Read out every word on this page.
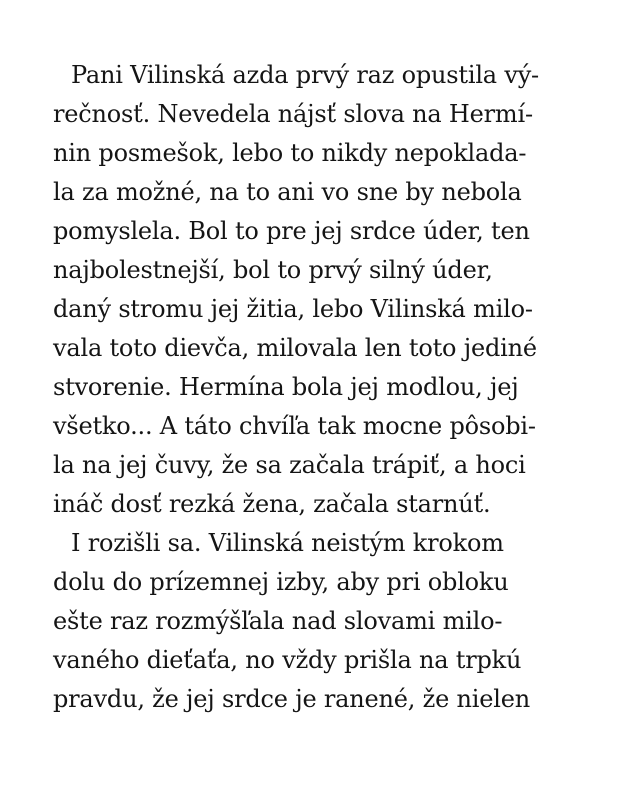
Pani Vilinská azda prvý raz opustila vý-
rečnosť. Nevedela nájsť slova na Hermí-
nin posmešok, lebo to nikdy nepoklada-
la za možné, na to ani vo sne by nebola
pomyslela. Bol to pre jej srdce úder, ten
najbolestnejší, bol to prvý silný úder,
daný stromu jej žitia, lebo Vilinská milo-
vala toto dievča, milovala len toto jediné
stvorenie. Hermína bola jej modlou, jej
všetko... A táto chvíľa tak mocne pôsobi-
la na jej čuvy, že sa začala trápiť, a hoci
ináč dosť rezká žena, začala starnúť.
I rozišli sa. Vilinská neistým krokom
dolu do prízemnej izby, aby pri obloku
ešte raz rozmýšľala nad slovami milo-
vaného dieťaťa, no vždy prišla na trpkú
pravdu, že jej srdce je ranené, že nielen
